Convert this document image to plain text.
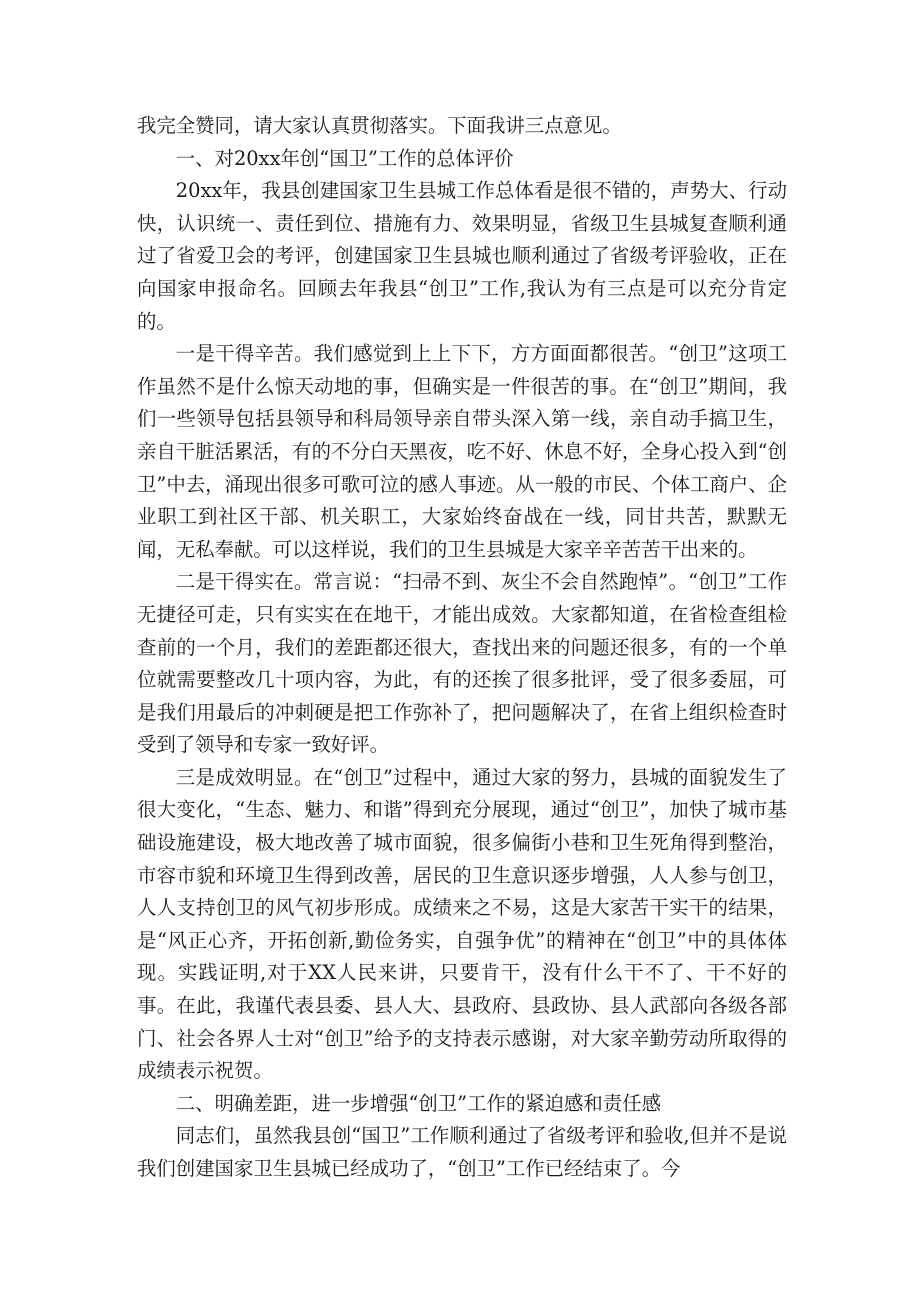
我完全赞同，请大家认真贯彻落实。下面我讲三点意见。

一、对20xx年创“国卫”工作的总体评价

20xx年，我县创建国家卫生县城工作总体看是很不错的，声势大、行动快，认识统一、责任到位、措施有力、效果明显，省级卫生县城复查顺利通过了省爱卫会的考评，创建国家卫生县城也顺利通过了省级考评验收，正在向国家申报命名。回顾去年我县“创卫”工作,我认为有三点是可以充分肯定的。

一是干得辛苦。我们感觉到上上下下，方方面面都很苦。“创卫”这项工作虽然不是什么惊天动地的事，但确实是一件很苦的事。在“创卫”期间，我们一些领导包括县领导和科局领导亲自带头深入第一线，亲自动手搞卫生，亲自干脏活累活，有的不分白天黑夜，吃不好、休息不好，全身心投入到“创卫”中去，涌现出很多可歌可泣的感人事迹。从一般的市民、个体工商户、企业职工到社区干部、机关职工，大家始终奋战在一线，同甘共苦，默默无闻，无私奉献。可以这样说，我们的卫生县城是大家辛辛苦苦干出来的。

二是干得实在。常言说：“扫帚不到、灰尘不会自然跑悼”。“创卫”工作无捷径可走，只有实实在在地干，才能出成效。大家都知道，在省检查组检查前的一个月，我们的差距都还很大，查找出来的问题还很多，有的一个单位就需要整改几十项内容，为此，有的还挨了很多批评，受了很多委屈，可是我们用最后的冲刺硬是把工作弥补了，把问题解决了，在省上组织检查时受到了领导和专家一致好评。

三是成效明显。在“创卫”过程中，通过大家的努力，县城的面貌发生了很大变化，“生态、魅力、和谐”得到充分展现，通过“创卫”，加快了城市基础设施建设，极大地改善了城市面貌，很多偏街小巷和卫生死角得到整治，市容市貌和环境卫生得到改善，居民的卫生意识逐步增强，人人参与创卫，人人支持创卫的风气初步形成。成绩来之不易，这是大家苦干实干的结果，是“风正心齐，开拓创新,勤俭务实，自强争优”的精神在“创卫”中的具体体现。实践证明,对于XX人民来讲，只要肯干，没有什么干不了、干不好的事。在此，我谨代表县委、县人大、县政府、县政协、县人武部向各级各部门、社会各界人士对“创卫”给予的支持表示感谢，对大家辛勤劳动所取得的成绩表示祝贺。

二、明确差距，进一步增强“创卫”工作的紧迫感和责任感

同志们，虽然我县创“国卫”工作顺利通过了省级考评和验收,但并不是说我们创建国家卫生县城已经成功了，“创卫”工作已经结束了。今
